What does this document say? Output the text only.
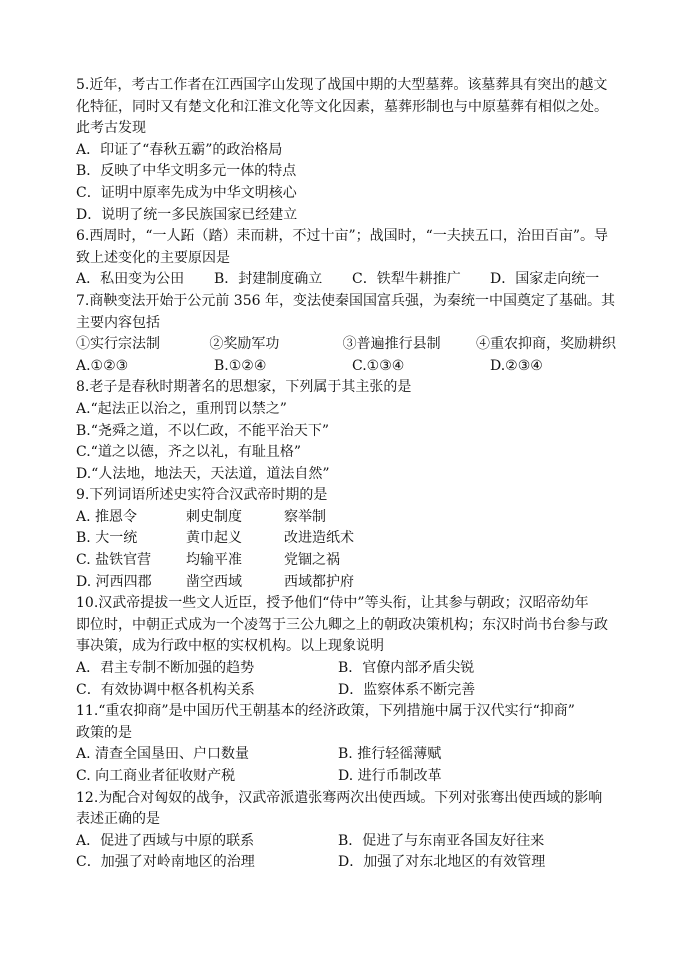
5.近年，考古工作者在江西国字山发现了战国中期的大型墓葬。该墓葬具有突出的越文
化特征，同时又有楚文化和江淮文化等文化因素，墓葬形制也与中原墓葬有相似之处。
此考古发现
A．印证了“春秋五霸”的政治格局
B．反映了中华文明多元一体的特点
C．证明中原率先成为中华文明核心
D．说明了统一多民族国家已经建立
6.西周时，“一人跖（踏）耒而耕，不过十亩”；战国时，“一夫挟五口，治田百亩”。导
致上述变化的主要原因是
A．私田变为公田	B．封建制度确立	C．铁犁牛耕推广	D．国家走向统一
7.商鞅变法开始于公元前 356 年，变法使秦国国富兵强，为秦统一中国奠定了基础。其
主要内容包括
①实行宗法制	②奖励军功	③普遍推行县制	④重农抑商，奖励耕织
A.①②③	B.①②④	C.①③④	D.②③④
8.老子是春秋时期著名的思想家，下列属于其主张的是
A.“起法正以治之，重刑罚以禁之”
B.“尧舜之道，不以仁政，不能平治天下”
C.“道之以德，齐之以礼，有耻且格”
D.“人法地，地法天，天法道，道法自然”
9.下列词语所述史实符合汉武帝时期的是
A. 推恩令	刺史制度	察举制
B. 大一统	黄巾起义	改进造纸术
C. 盐铁官营	均输平准	党锢之祸
D. 河西四郡	凿空西域	西域都护府
10.汉武帝提拔一些文人近臣，授予他们“侍中”等头衔，让其参与朝政；汉昭帝幼年
即位时，中朝正式成为一个凌驾于三公九卿之上的朝政决策机构；东汉时尚书台参与政
事决策，成为行政中枢的实权机构。以上现象说明
A．君主专制不断加强的趋势	B．官僚内部矛盾尖锐
C．有效协调中枢各机构关系	D．监察体系不断完善
11.“重农抑商”是中国历代王朝基本的经济政策，下列措施中属于汉代实行“抑商”
政策的是
A. 清查全国垦田、户口数量	B. 推行轻徭薄赋
C. 向工商业者征收财产税	D. 进行币制改革
12.为配合对匈奴的战争，汉武帝派遣张骞两次出使西域。下列对张骞出使西域的影响
表述正确的是
A．促进了西域与中原的联系	B．促进了与东南亚各国友好往来
C．加强了对岭南地区的治理	D．加强了对东北地区的有效管理
